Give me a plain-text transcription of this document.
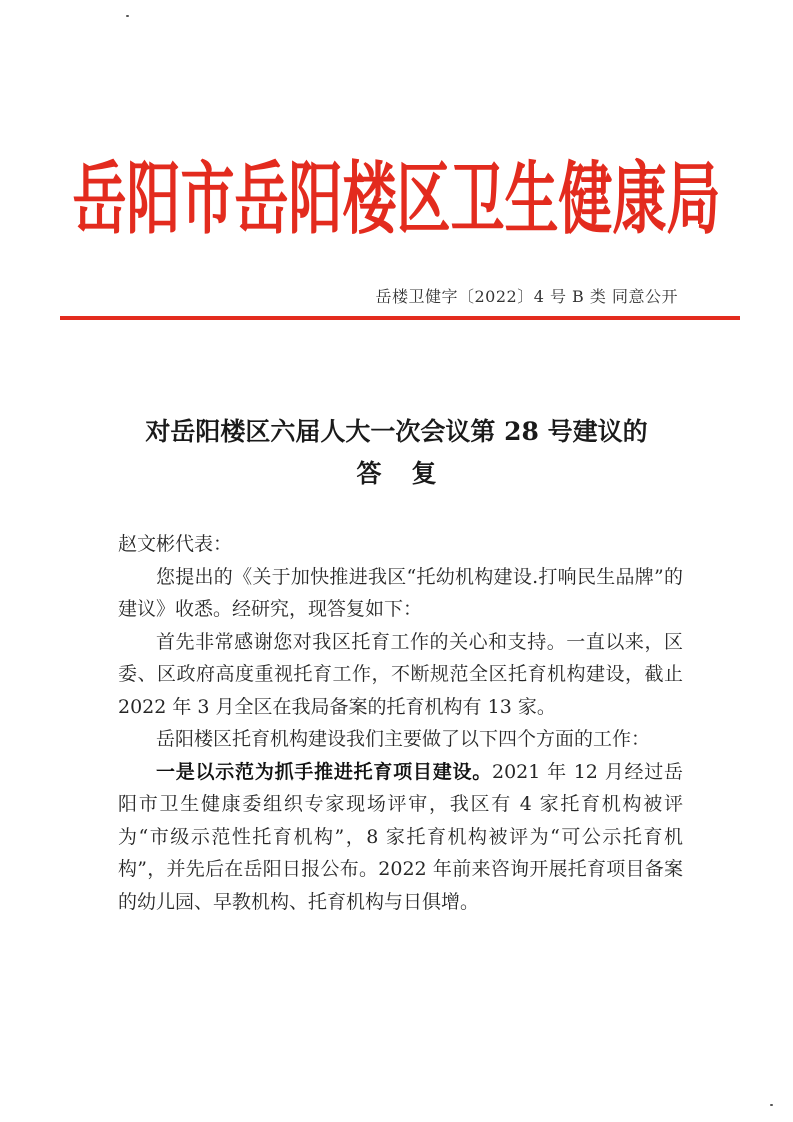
岳阳市岳阳楼区卫生健康局
岳楼卫健字〔2022〕4 号 B 类 同意公开
对岳阳楼区六届人大一次会议第 28 号建议的
答复

赵文彬代表：

您提出的《关于加快推进我区“托幼机构建设.打响民生品牌”的建议》收悉。经研究，现答复如下：

首先非常感谢您对我区托育工作的关心和支持。一直以来，区委、区政府高度重视托育工作，不断规范全区托育机构建设，截止 2022 年 3 月全区在我局备案的托育机构有 13 家。

岳阳楼区托育机构建设我们主要做了以下四个方面的工作：

一是以示范为抓手推进托育项目建设。2021 年 12 月经过岳阳市卫生健康委组织专家现场评审，我区有 4 家托育机构被评为“市级示范性托育机构”，8 家托育机构被评为“可公示托育机构”，并先后在岳阳日报公布。2022 年前来咨询开展托育项目备案的幼儿园、早教机构、托育机构与日俱增。
